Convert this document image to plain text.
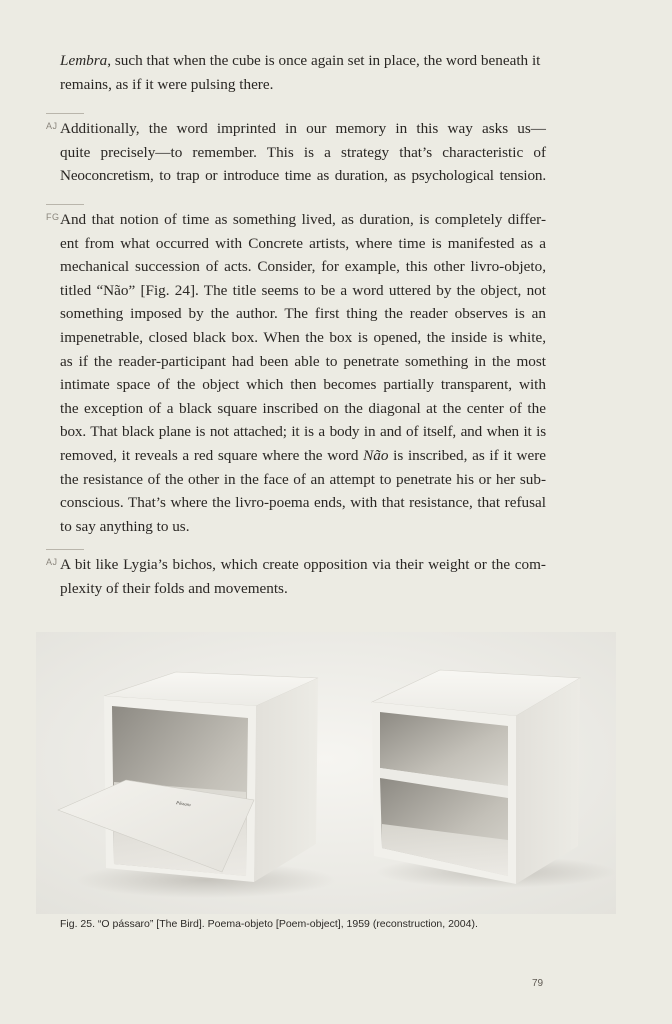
Lembra, such that when the cube is once again set in place, the word beneath it
remains, as if it were pulsing there.
AJ Additionally, the word imprinted in our memory in this way asks us—
quite precisely—to remember. This is a strategy that’s characteristic of
Neoconcretism, to trap or introduce time as duration, as psychological tension.
FG And that notion of time as something lived, as duration, is completely differ-
ent from what occurred with Concrete artists, where time is manifested as a
mechanical succession of acts. Consider, for example, this other livro-objeto,
titled “Não” [Fig. 24]. The title seems to be a word uttered by the object, not
something imposed by the author. The first thing the reader observes is an
impenetrable, closed black box. When the box is opened, the inside is white,
as if the reader-participant had been able to penetrate something in the most
intimate space of the object which then becomes partially transparent, with
the exception of a black square inscribed on the diagonal at the center of the
box. That black plane is not attached; it is a body in and of itself, and when it is
removed, it reveals a red square where the word Não is inscribed, as if it were
the resistance of the other in the face of an attempt to penetrate his or her sub-
conscious. That’s where the livro-poema ends, with that resistance, that refusal
to say anything to us.
AJ A bit like Lygia’s bichos, which create opposition via their weight or the com-
plexity of their folds and movements.
Pássaro
Fig. 25. “O pássaro” [The Bird]. Poema-objeto [Poem-object], 1959 (reconstruction, 2004).
79
